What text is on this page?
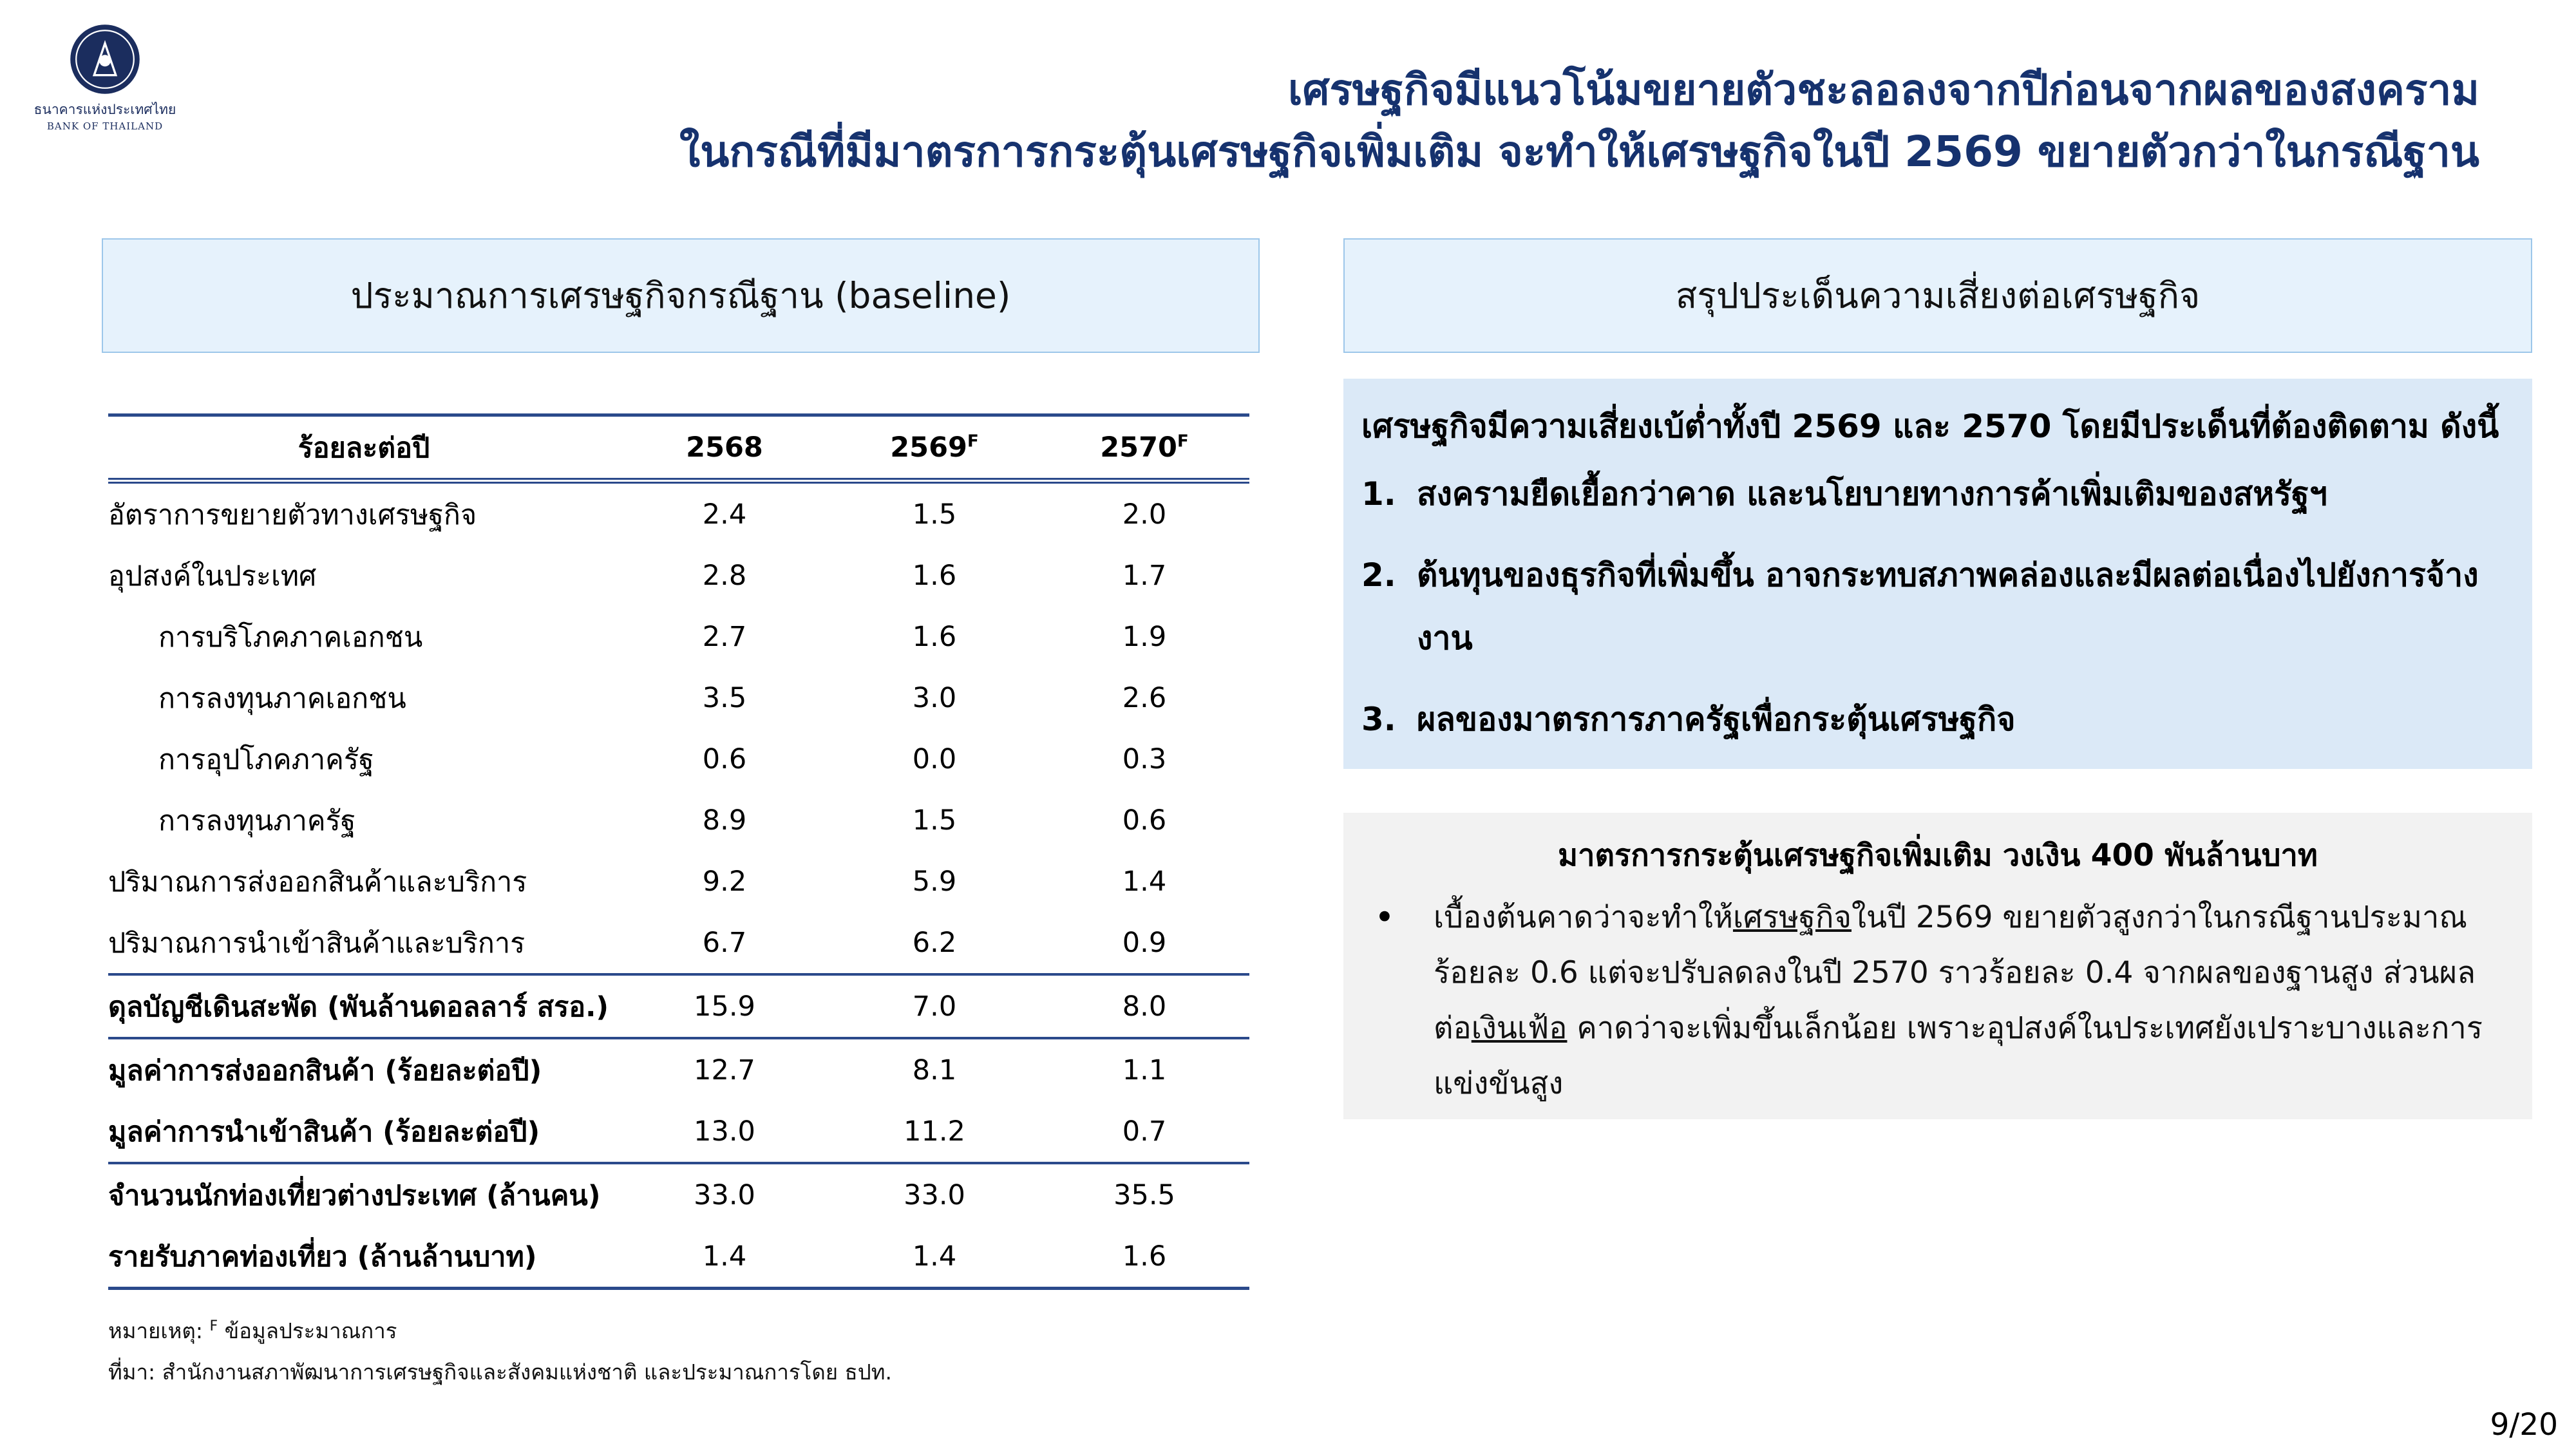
ธนาคารแห่งประเทศไทย
BANK OF THAILAND
เศรษฐกิจมีแนวโน้มขยายตัวชะลอลงจากปีก่อนจากผลของสงคราม
ในกรณีที่มีมาตรการกระตุ้นเศรษฐกิจเพิ่มเติม จะทำให้เศรษฐกิจในปี 2569 ขยายตัวกว่าในกรณีฐาน
ประมาณการเศรษฐกิจกรณีฐาน (baseline)	สรุปประเด็นความเสี่ยงต่อเศรษฐกิจ
ร้อยละต่อปี	2568	$2569^F$	$2570^F$
อัตราการขยายตัวทางเศรษฐกิจ	2.4	1.5	2.0
อุปสงค์ในประเทศ	2.8	1.6	1.7
การบริโภคภาคเอกชน	2.7	1.6	1.9
การลงทุนภาคเอกชน	3.5	3.0	2.6
การอุปโภคภาครัฐ	0.6	0.0	0.3
การลงทุนภาครัฐ	8.9	1.5	0.6
ปริมาณการส่งออกสินค้าและบริการ	9.2	5.9	1.4
ปริมาณการนำเข้าสินค้าและบริการ	6.7	6.2	0.9
ดุลบัญชีเดินสะพัด (พันล้านดอลลาร์ สรอ.)	15.9	7.0	8.0
มูลค่าการส่งออกสินค้า (ร้อยละต่อปี)	12.7	8.1	1.1
มูลค่าการนำเข้าสินค้า (ร้อยละต่อปี)	13.0	11.2	0.7
จำนวนนักท่องเที่ยวต่างประเทศ (ล้านคน)	33.0	33.0	35.5
รายรับภาคท่องเที่ยว (ล้านล้านบาท)	1.4	1.4	1.6
หมายเหตุ: $^F$ ข้อมูลประมาณการ
ที่มา: สำนักงานสภาพัฒนาการเศรษฐกิจและสังคมแห่งชาติ และประมาณการโดย ธปท.
เศรษฐกิจมีความเสี่ยงเบ้ต่ำทั้งปี 2569 และ 2570 โดยมีประเด็นที่ต้องติดตาม ดังนี้
1. สงครามยืดเยื้อกว่าคาด และนโยบายทางการค้าเพิ่มเติมของสหรัฐฯ
2. ต้นทุนของธุรกิจที่เพิ่มขึ้น อาจกระทบสภาพคล่องและมีผลต่อเนื่องไปยังการจ้างงาน
3. ผลของมาตรการภาครัฐเพื่อกระตุ้นเศรษฐกิจ
มาตรการกระตุ้นเศรษฐกิจเพิ่มเติม วงเงิน 400 พันล้านบาท
•	เบื้องต้นคาดว่าจะทำให้เศรษฐกิจในปี 2569 ขยายตัวสูงกว่าในกรณีฐานประมาณร้อยละ 0.6 แต่จะปรับลดลงในปี 2570 ราวร้อยละ 0.4 จากผลของฐานสูง ส่วนผลต่อเงินเฟ้อ คาดว่าจะเพิ่มขึ้นเล็กน้อย เพราะอุปสงค์ในประเทศยังเปราะบางและการแข่งขันสูง
9/20
